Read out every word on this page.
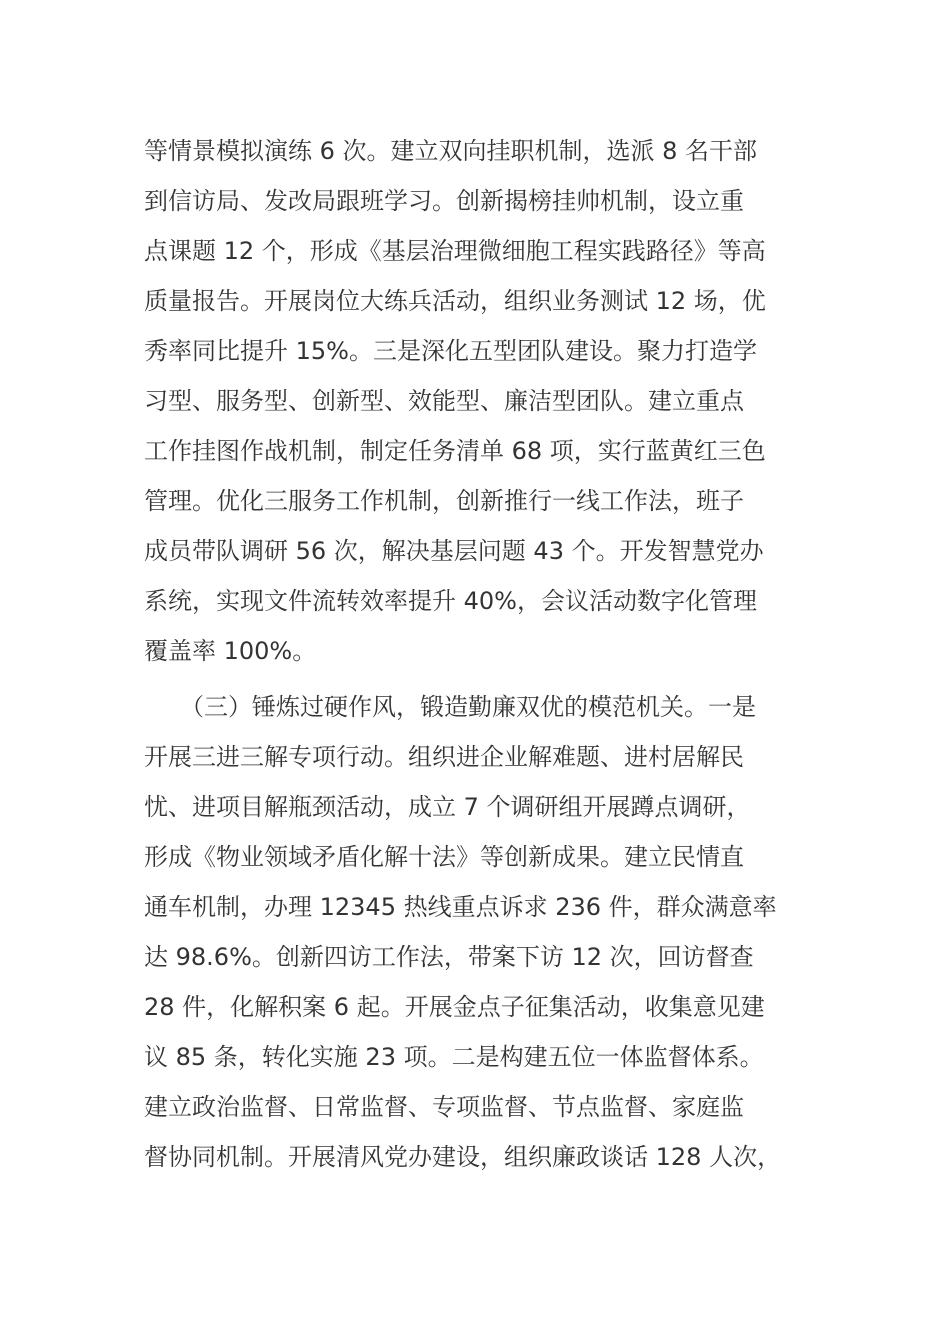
等情景模拟演练 6 次。建立双向挂职机制，选派 8 名干部
到信访局、发改局跟班学习。创新揭榜挂帅机制，设立重
点课题 12 个，形成《基层治理微细胞工程实践路径》等高
质量报告。开展岗位大练兵活动，组织业务测试 12 场，优
秀率同比提升 15%。三是深化五型团队建设。聚力打造学
习型、服务型、创新型、效能型、廉洁型团队。建立重点
工作挂图作战机制，制定任务清单 68 项，实行蓝黄红三色
管理。优化三服务工作机制，创新推行一线工作法，班子
成员带队调研 56 次，解决基层问题 43 个。开发智慧党办
系统，实现文件流转效率提升 40%，会议活动数字化管理
覆盖率 100%。
　　（三）锤炼过硬作风，锻造勤廉双优的模范机关。一是
开展三进三解专项行动。组织进企业解难题、进村居解民
忧、进项目解瓶颈活动，成立 7 个调研组开展蹲点调研，
形成《物业领域矛盾化解十法》等创新成果。建立民情直
通车机制，办理 12345 热线重点诉求 236 件，群众满意率
达 98.6%。创新四访工作法，带案下访 12 次，回访督查
28 件，化解积案 6 起。开展金点子征集活动，收集意见建
议 85 条，转化实施 23 项。二是构建五位一体监督体系。
建立政治监督、日常监督、专项监督、节点监督、家庭监
督协同机制。开展清风党办建设，组织廉政谈话 128 人次，
